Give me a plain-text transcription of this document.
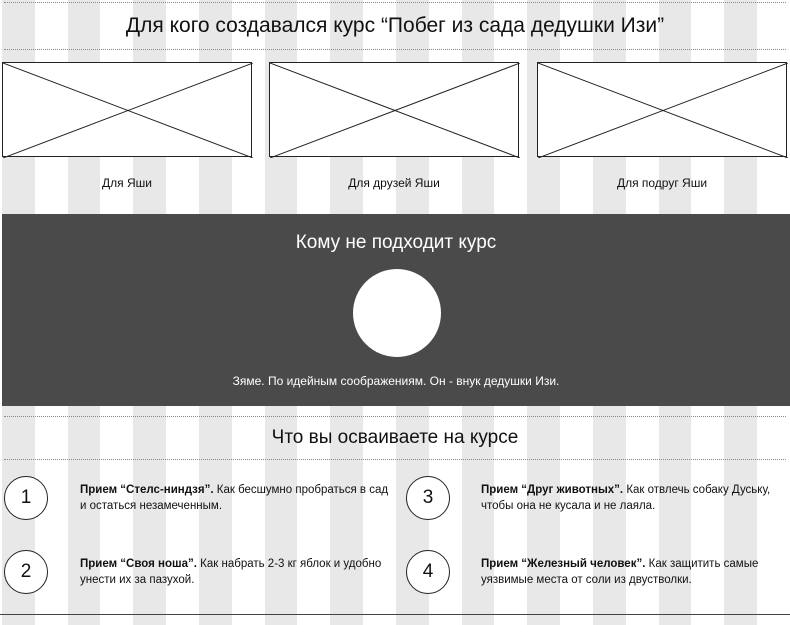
Для кого создавался курс “Побег из сада дедушки Изи”
Для Яши	Для друзей Яши	Для подруг Яши
Кому не подходит курс

Зяме. По идейным соображениям. Он - внук дедушки Изи.

Что вы осваиваете на курсе
1	Прием “Стелс-ниндзя”. Как бесшумно пробраться в сад и остаться незамеченным.
2	Прием “Своя ноша”. Как набрать 2-3 кг яблок и удобно унести их за пазухой.
3	Прием “Друг животных”. Как отвлечь собаку Дуську, чтобы она не кусала и не лаяла.
4	Прием “Железный человек”. Как защитить самые уязвимые места от соли из двустволки.
